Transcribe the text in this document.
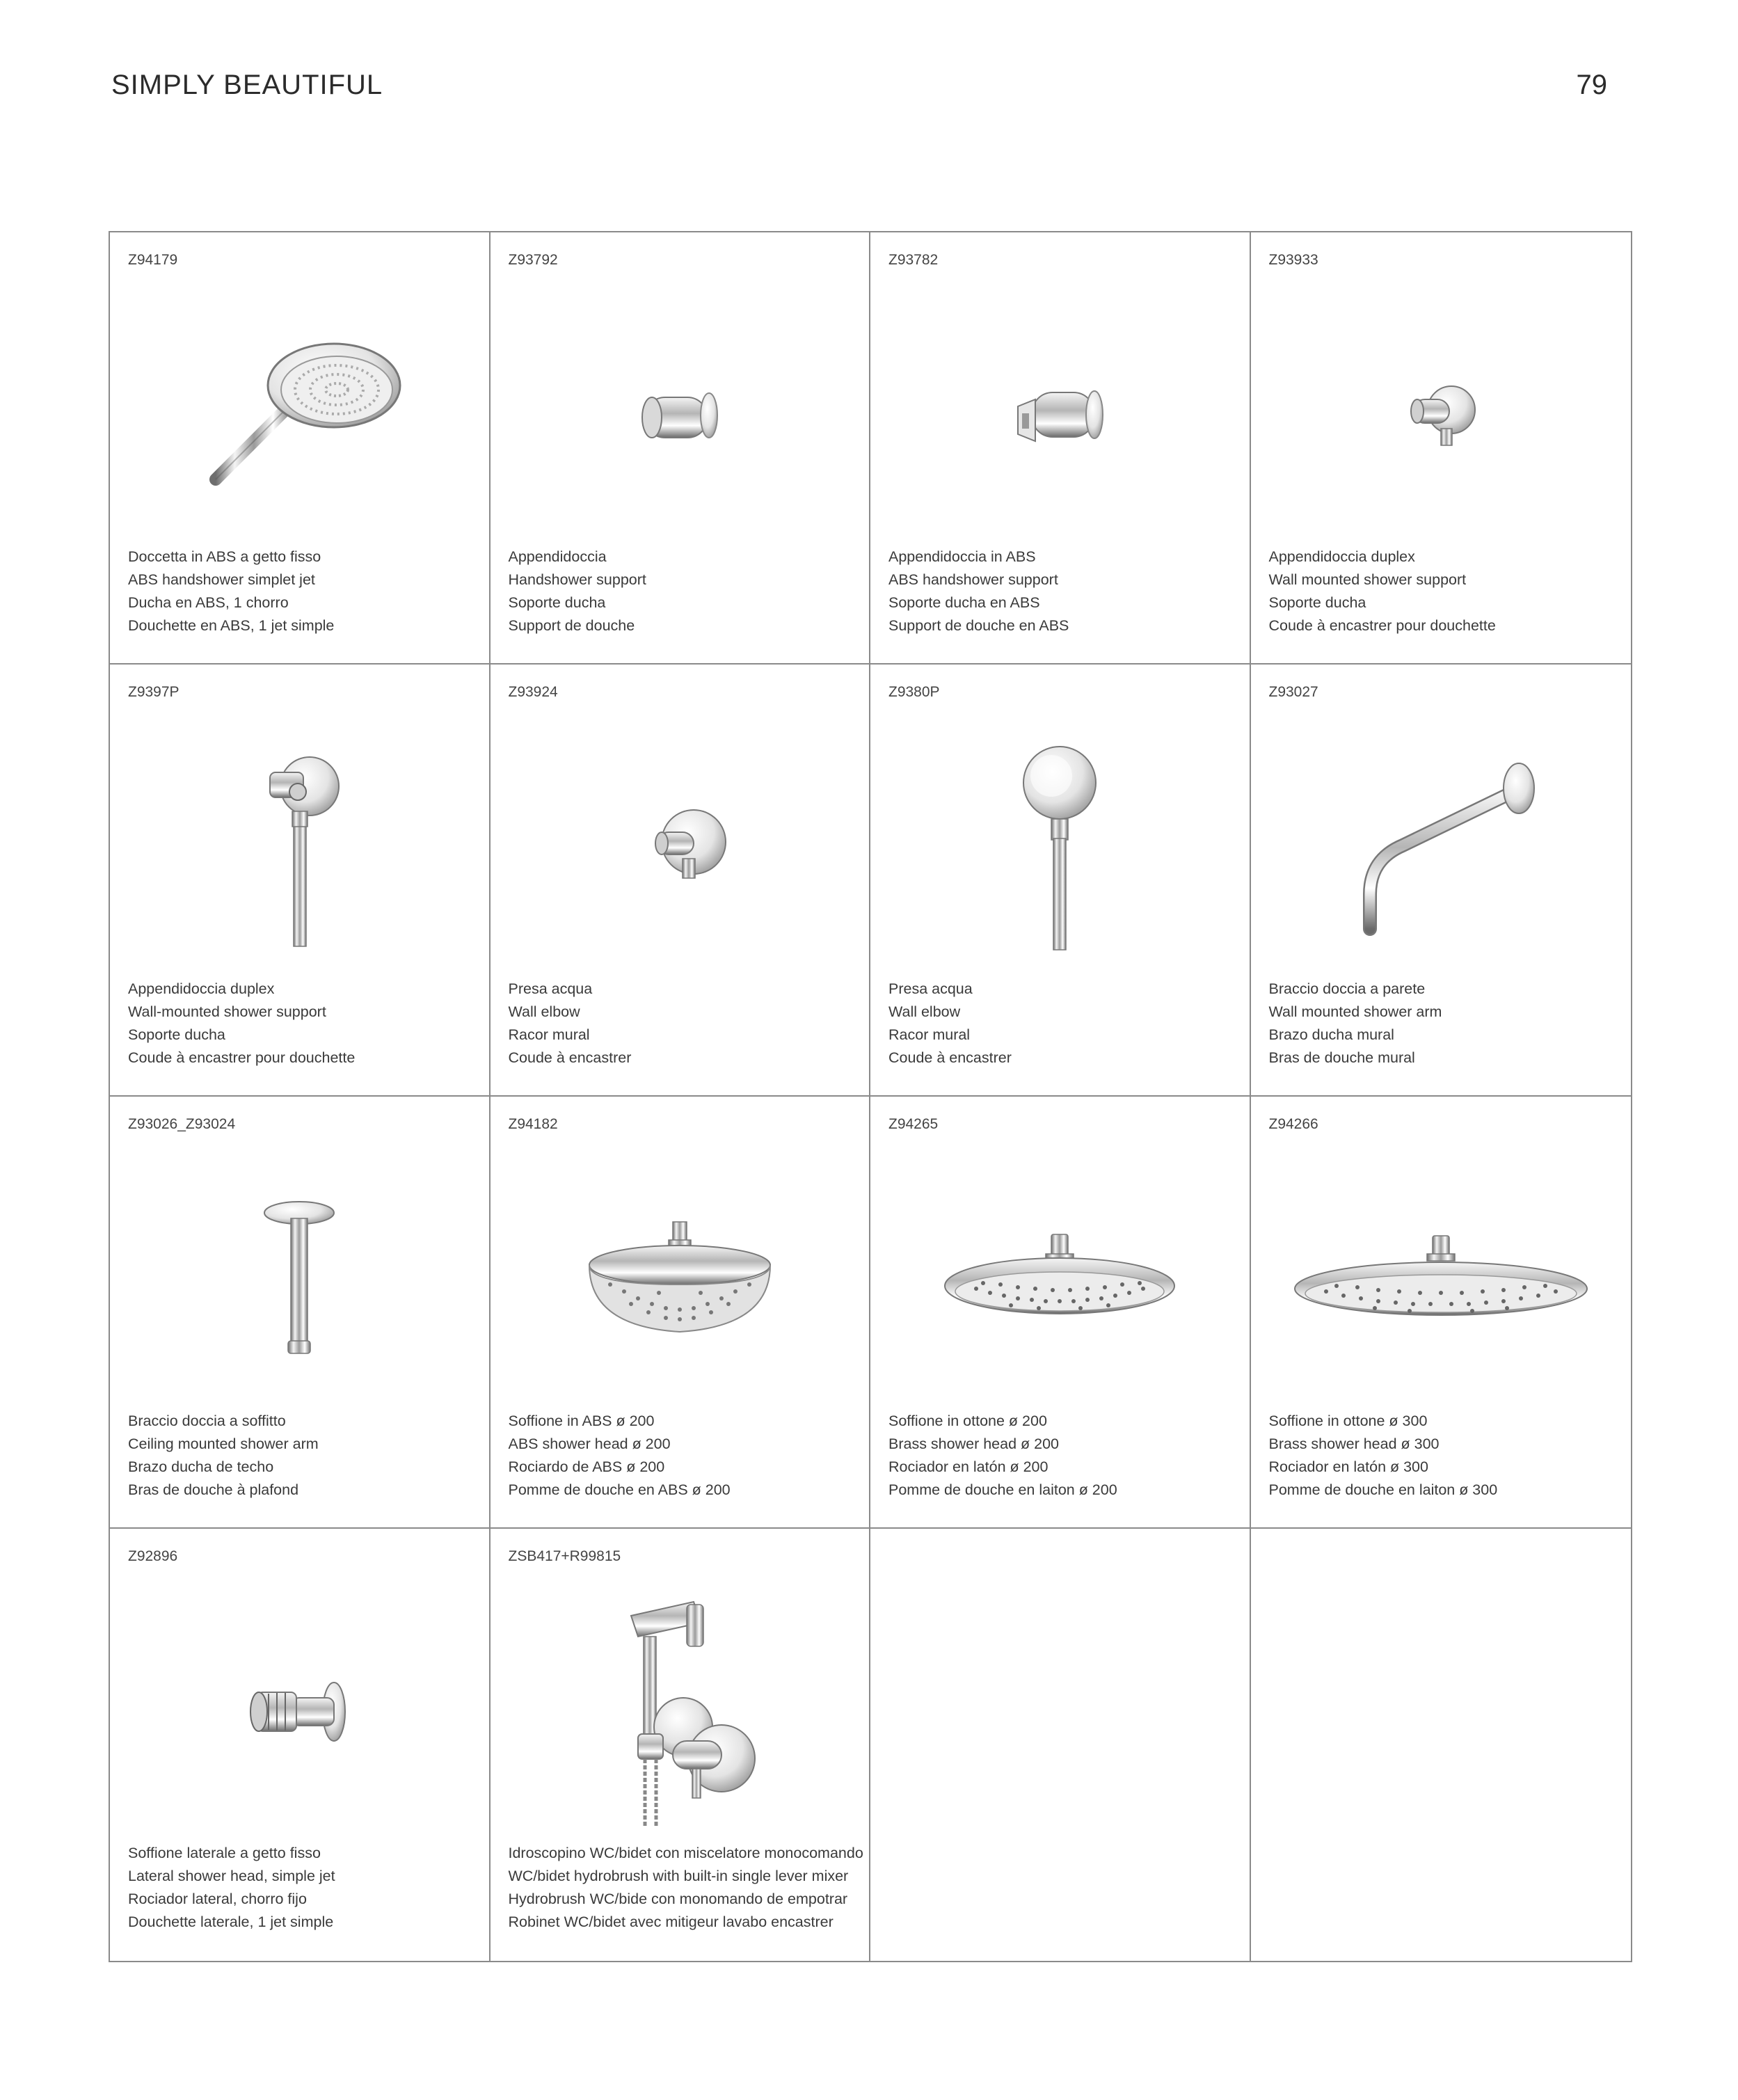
SIMPLY BEAUTIFUL	79
Z94179
Doccetta in ABS a getto fisso
ABS handshower simplet jet
Ducha en ABS, 1 chorro
Douchette en ABS, 1 jet simple
Z93792
Appendidoccia
Handshower support
Soporte ducha
Support de douche
Z93782
Appendidoccia in ABS
ABS handshower support
Soporte ducha en ABS
Support de douche en ABS
Z93933
Appendidoccia duplex
Wall mounted shower support
Soporte ducha
Coude à encastrer pour douchette
Z9397P
Appendidoccia duplex
Wall-mounted shower support
Soporte ducha
Coude à encastrer pour douchette
Z93924
Presa acqua
Wall elbow
Racor mural
Coude à encastrer
Z9380P
Presa acqua
Wall elbow
Racor mural
Coude à encastrer
Z93027
Braccio doccia a parete
Wall mounted shower arm
Brazo ducha mural
Bras de douche mural
Z93026_Z93024
Braccio doccia a soffitto
Ceiling mounted shower arm
Brazo ducha de techo
Bras de douche à plafond
Z94182
Soffione in ABS ø 200
ABS shower head ø 200
Rociardo de ABS ø 200
Pomme de douche en ABS ø 200
Z94265
Soffione in ottone ø 200
Brass shower head ø 200
Rociador en latón ø 200
Pomme de douche en laiton ø 200
Z94266
Soffione in ottone ø 300
Brass shower head ø 300
Rociador en latón ø 300
Pomme de douche en laiton ø 300
Z92896
Soffione laterale a getto fisso
Lateral shower head, simple jet
Rociador lateral, chorro fijo
Douchette laterale, 1 jet simple
ZSB417+R99815
Idroscopino WC/bidet con miscelatore monocomando
WC/bidet hydrobrush with built-in single lever mixer
Hydrobrush WC/bide con monomando de empotrar
Robinet WC/bidet avec mitigeur lavabo encastrer
